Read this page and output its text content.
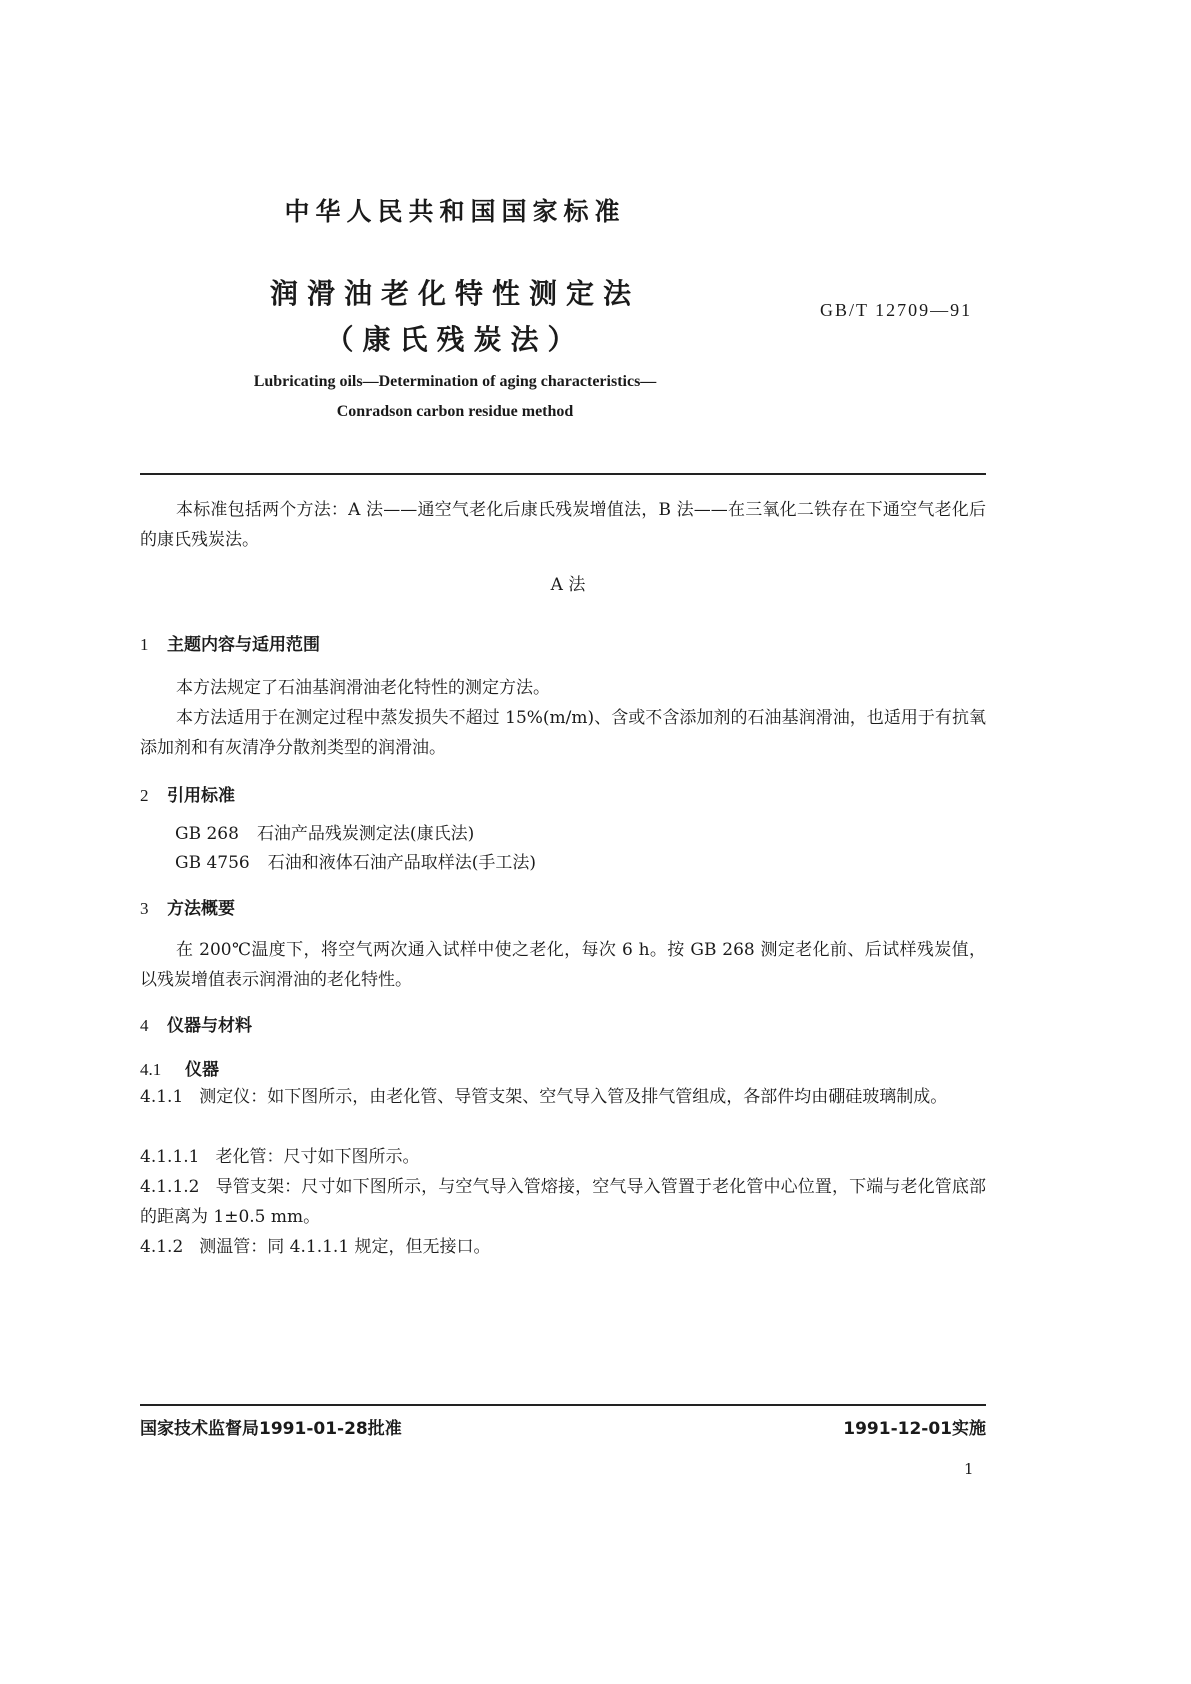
中华人民共和国国家标准
润滑油老化特性测定法
（康氏残炭法）
GB/T 12709—91
Lubricating oils—Determination of aging characteristics—
Conradson carbon residue method
本标准包括两个方法：A 法——通空气老化后康氏残炭增值法，B 法——在三氧化二铁存在下通空气老化后的康氏残炭法。
A 法
1 主题内容与适用范围
本方法规定了石油基润滑油老化特性的测定方法。
本方法适用于在测定过程中蒸发损失不超过 15%(m/m)、含或不含添加剂的石油基润滑油，也适用于有抗氧添加剂和有灰清净分散剂类型的润滑油。
2 引用标准
GB 268 石油产品残炭测定法(康氏法)
GB 4756 石油和液体石油产品取样法(手工法)
3 方法概要
在 200℃温度下，将空气两次通入试样中使之老化，每次 6 h。按 GB 268 测定老化前、后试样残炭值，以残炭增值表示润滑油的老化特性。
4 仪器与材料
4.1 仪器
4.1.1 测定仪：如下图所示，由老化管、导管支架、空气导入管及排气管组成，各部件均由硼硅玻璃制成。
4.1.1.1 老化管：尺寸如下图所示。
4.1.1.2 导管支架：尺寸如下图所示，与空气导入管熔接，空气导入管置于老化管中心位置，下端与老化管底部的距离为 1±0.5 mm。
4.1.2 测温管：同 4.1.1.1 规定，但无接口。
国家技术监督局1991-01-28批准	1991-12-01实施
1
